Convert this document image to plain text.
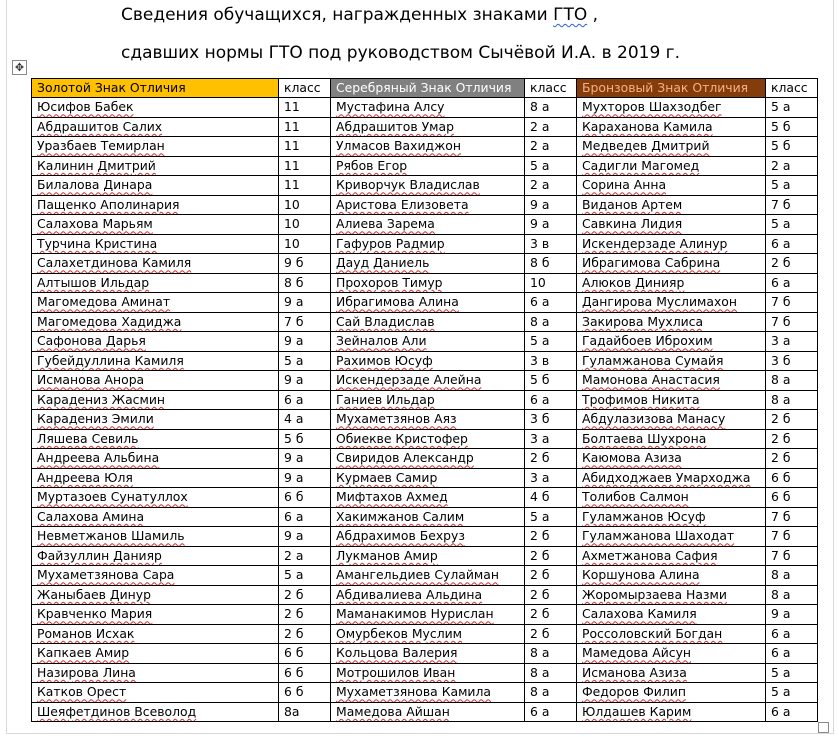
Сведения обучащихся, награжденных знаками ГТО ,
сдавших нормы ГТО под руководством Сычёвой И.А. в 2019 г.
✥
Золотой Знак Отличия	класс	Серебряный Знак Отличия	класс	Бронзовый Знак Отличия	класс
Юсифов Бабек	11	Мустафина Алсу	8 а	Мухторов Шахзодбег	5 а
Абдрашитов Салих	11	Абдрашитов Умар	2 а	Караханова Камила	5 б
Уразбаев Темирлан	11	Улмасов Вахиджон	2 а	Медведев Дмитрий	5 б
Калинин Дмитрий	11	Рябов Егор	5 а	Садигли Магомед	2 а
Билалова Динара	11	Криворчук Владислав	2 а	Сорина Анна	5 а
Пащенко Аполинария	10	Аристова Елизовета	9 а	Виданов Артем	7 б
Салахова Марьям	10	Алиева Зарема	9 а	Савкина Лидия	5 а
Турчина Кристина	10	Гафуров Радмир	3 в	Искендерзаде Алинур	6 а
Салахетдинова Камиля	9 б	Дауд Даниель	8 б	Ибрагимова Сабрина	2 б
Алтышов Ильдар	8 б	Прохоров Тимур	10	Алюков Динияр	6 а
Магомедова Аминат	9 а	Ибрагимова Алина	6 а	Дангирова Муслимахон	7 б
Магомедова Хадиджа	7 б	Сай Владислав	8 а	Закирова Мухлиса	7 б
Сафонова Дарья	9 а	Зейналов Али	5 а	Гадайбоев Иброхим	3 а
Губейдуллина Камиля	5 а	Рахимов Юсуф	3 в	Гуламжанова Сумайя	3 б
Исманова Анора	9 а	Искендерзаде Алейна	5 б	Мамонова Анастасия	8 а
Карадениз Жасмин	6 а	Ганиев Ильдар	6 а	Трофимов Никита	8 а
Карадениз Эмили	4 а	Мухаметзянов Аяз	3 б	Абдулазизова Манасу	2 б
Ляшева Севиль	5 б	Обиекве Кристофер	3 а	Болтаева Шухрона	2 б
Андреева Альбина	9 а	Свиридов Александр	2 б	Каюмова Азиза	2 б
Андреева Юля	9 а	Курмаев Самир	3 а	Абидходжаев Умарходжа	6 б
Муртазоев Сунатуллох	6 б	Мифтахов Ахмед	4 б	Толибов Салмон	6 б
Салахова Амина	6 а	Хакимжанов Салим	5 а	Гуламжанов Юсуф	7 б
Невметжанов Шамиль	9 а	Абдрахимов Бехруз	2 б	Гуламжанова Шаходат	7 б
Файзуллин Данияр	2 а	Лукманов Амир	2 б	Ахметжанова Сафия	7 б
Мухаметзянова Сара	5 а	Амангельдиев Сулайман	2 б	Коршунова Алина	8 а
Жаныбаев Динур	2 б	Абдивалиева Альдина	2 б	Жоромырзаева Назми	8 а
Кравченко Мария	2 б	Маманакимов Нурислан	2 б	Салахова Камиля	9 а
Романов Исхак	2 б	Омурбеков Муслим	2 б	Россоловский Богдан	6 а
Капкаев Амир	6 б	Кольцова Валерия	8 а	Мамедова Айсун	6 а
Назирова Лина	6 б	Мотрошилов Иван	8 а	Исманова Азиза	5 а
Катков Орест	6 б	Мухаметзянова Камила	8 а	Федоров Филип	5 а
Шеяфетдинов Всеволод	8а	Мамедова Айшан	6 а	Юлдашев Карим	6 а
